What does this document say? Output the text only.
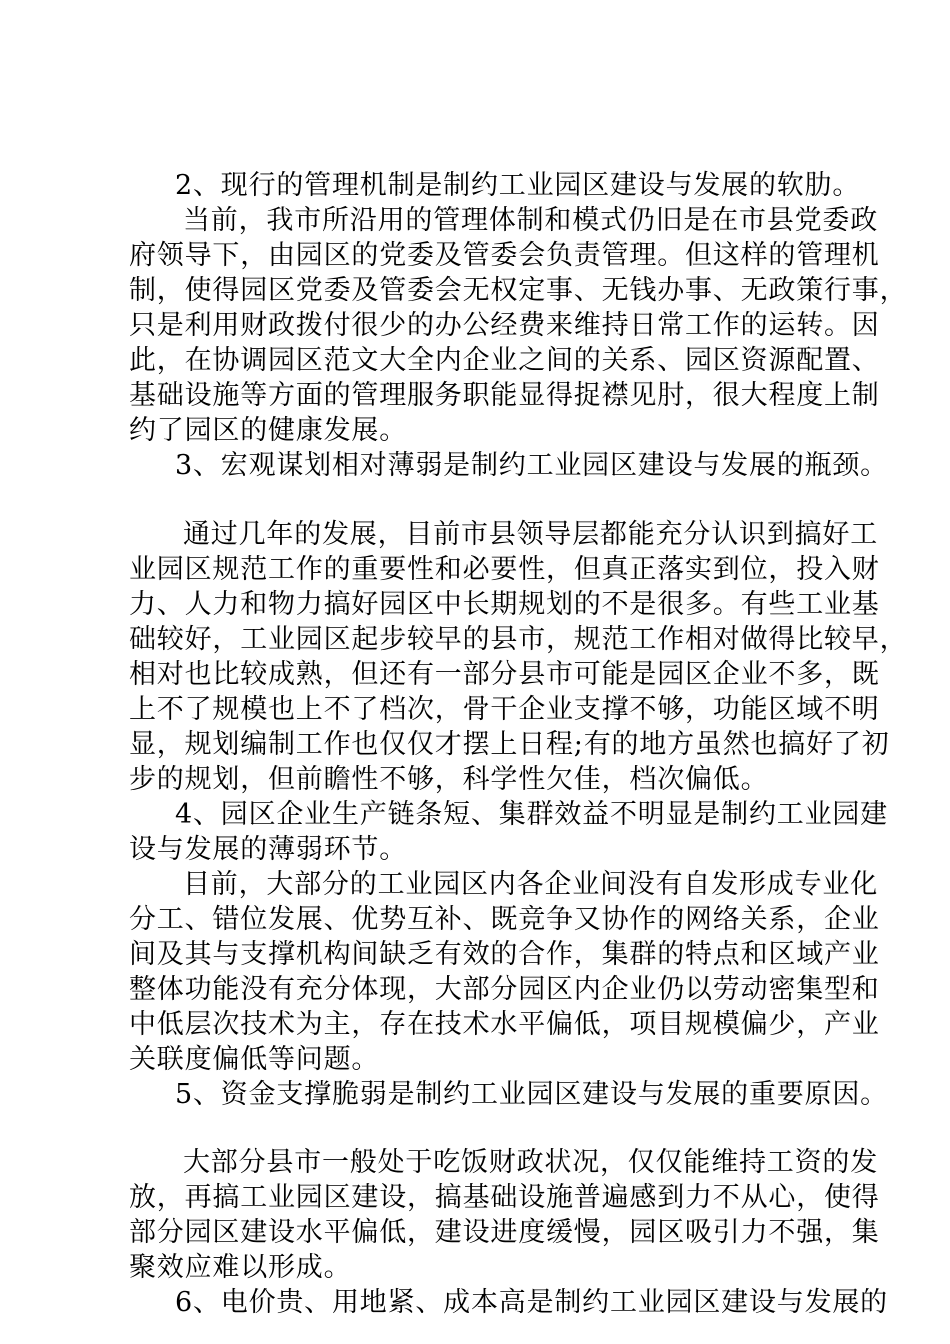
2、现行的管理机制是制约工业园区建设与发展的软肋。
当前，我市所沿用的管理体制和模式仍旧是在市县党委政
府领导下，由园区的党委及管委会负责管理。但这样的管理机
制，使得园区党委及管委会无权定事、无钱办事、无政策行事，
只是利用财政拨付很少的办公经费来维持日常工作的运转。因
此，在协调园区范文大全内企业之间的关系、园区资源配置、
基础设施等方面的管理服务职能显得捉襟见肘，很大程度上制
约了园区的健康发展。
3、宏观谋划相对薄弱是制约工业园区建设与发展的瓶颈。
通过几年的发展，目前市县领导层都能充分认识到搞好工
业园区规范工作的重要性和必要性，但真正落实到位，投入财
力、人力和物力搞好园区中长期规划的不是很多。有些工业基
础较好，工业园区起步较早的县市，规范工作相对做得比较早，
相对也比较成熟，但还有一部分县市可能是园区企业不多，既
上不了规模也上不了档次，骨干企业支撑不够，功能区域不明
显，规划编制工作也仅仅才摆上日程;有的地方虽然也搞好了初
步的规划，但前瞻性不够，科学性欠佳，档次偏低。
4、园区企业生产链条短、集群效益不明显是制约工业园建
设与发展的薄弱环节。
目前，大部分的工业园区内各企业间没有自发形成专业化
分工、错位发展、优势互补、既竞争又协作的网络关系，企业
间及其与支撑机构间缺乏有效的合作，集群的特点和区域产业
整体功能没有充分体现，大部分园区内企业仍以劳动密集型和
中低层次技术为主，存在技术水平偏低，项目规模偏少，产业
关联度偏低等问题。
5、资金支撑脆弱是制约工业园区建设与发展的重要原因。
大部分县市一般处于吃饭财政状况，仅仅能维持工资的发
放，再搞工业园区建设，搞基础设施普遍感到力不从心，使得
部分园区建设水平偏低，建设进度缓慢，园区吸引力不强，集
聚效应难以形成。
6、电价贵、用地紧、成本高是制约工业园区建设与发展的
